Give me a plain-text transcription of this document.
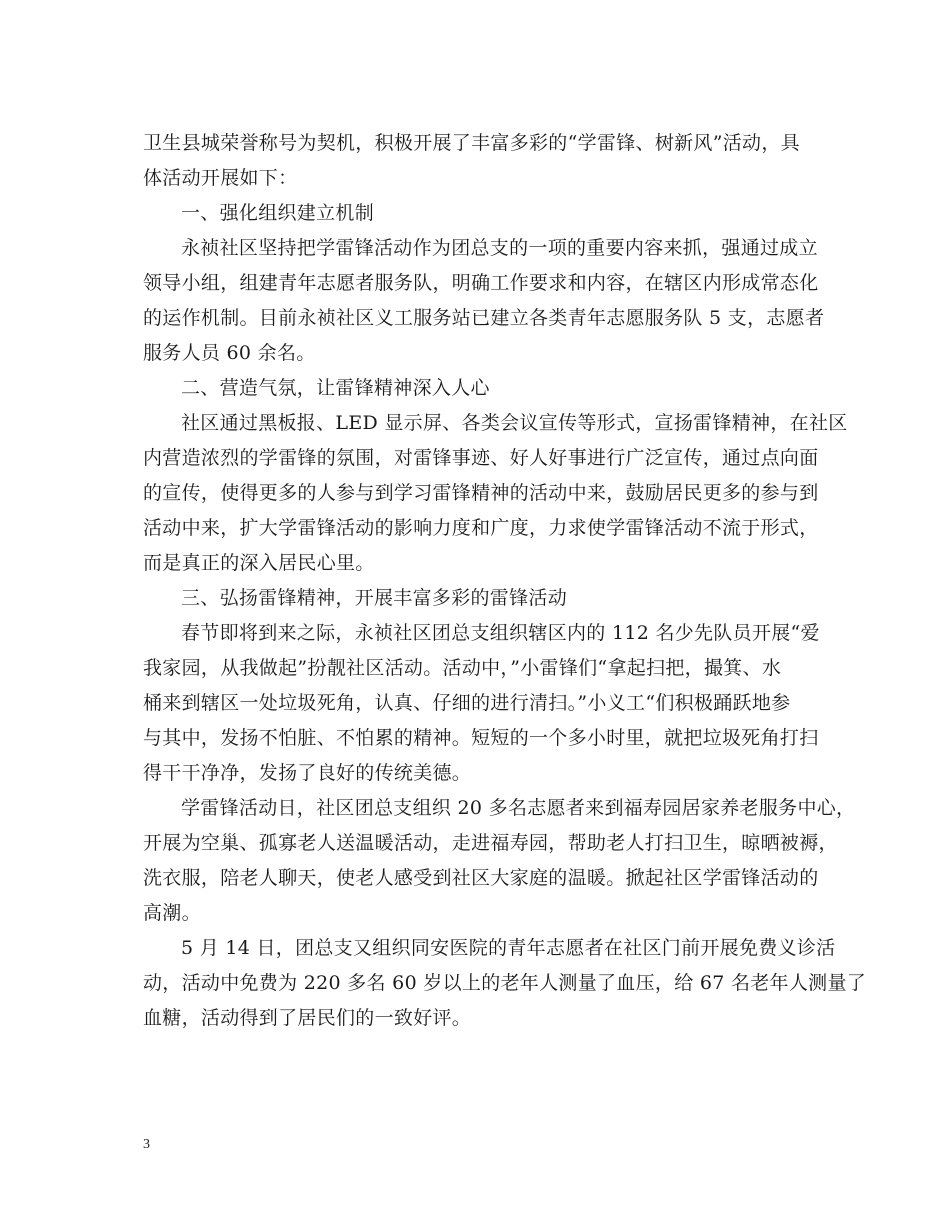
卫生县城荣誉称号为契机，积极开展了丰富多彩的“学雷锋、树新风”活动，具
体活动开展如下：
一、强化组织建立机制
永祯社区坚持把学雷锋活动作为团总支的一项的重要内容来抓，强通过成立
领导小组，组建青年志愿者服务队，明确工作要求和内容，在辖区内形成常态化
的运作机制。目前永祯社区义工服务站已建立各类青年志愿服务队 5 支，志愿者
服务人员 60 余名。
二、营造气氛，让雷锋精神深入人心
社区通过黑板报、LED 显示屏、各类会议宣传等形式，宣扬雷锋精神，在社区
内营造浓烈的学雷锋的氛围，对雷锋事迹、好人好事进行广泛宣传，通过点向面
的宣传，使得更多的人参与到学习雷锋精神的活动中来，鼓励居民更多的参与到
活动中来，扩大学雷锋活动的影响力度和广度，力求使学雷锋活动不流于形式，
而是真正的深入居民心里。
三、弘扬雷锋精神，开展丰富多彩的雷锋活动
春节即将到来之际，永祯社区团总支组织辖区内的 112 名少先队员开展“爱
我家园，从我做起”扮靓社区活动。活动中，”小雷锋们“拿起扫把，撮箕、水
桶来到辖区一处垃圾死角，认真、仔细的进行清扫。”小义工“们积极踊跃地参
与其中，发扬不怕脏、不怕累的精神。短短的一个多小时里，就把垃圾死角打扫
得干干净净，发扬了良好的传统美德。
学雷锋活动日，社区团总支组织 20 多名志愿者来到福寿园居家养老服务中心，
开展为空巢、孤寡老人送温暖活动，走进福寿园，帮助老人打扫卫生，晾晒被褥，
洗衣服，陪老人聊天，使老人感受到社区大家庭的温暖。掀起社区学雷锋活动的
高潮。
5 月 14 日，团总支又组织同安医院的青年志愿者在社区门前开展免费义诊活
动，活动中免费为 220 多名 60 岁以上的老年人测量了血压，给 67 名老年人测量了
血糖，活动得到了居民们的一致好评。
3
